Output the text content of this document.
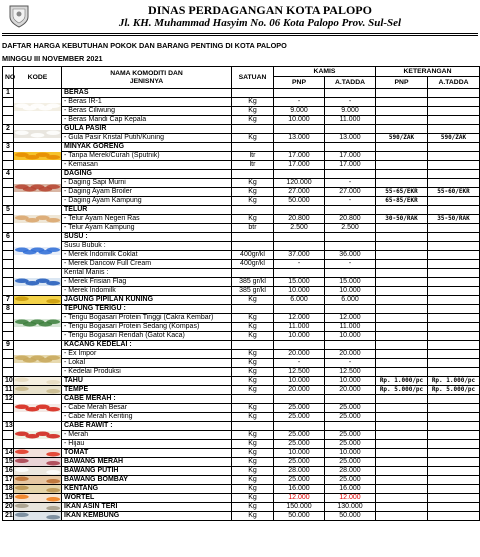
DINAS PERDAGANGAN KOTA PALOPO
Jl. KH. Muhammad Hasyim No. 06 Kota Palopo Prov. Sul-Sel
DAFTAR HARGA KEBUTUHAN POKOK DAN BARANG PENTING DI KOTA PALOPO
MINGGU III NOVEMBER 2021
NO	KODE	NAMA KOMODITI DAN
JENISNYA	SATUAN	KAMIS		KETERANGAN	
				PNP	A.TADDA	PNP	A.TADDA
1		BERAS					
		- Beras IR-1	Kg	-	-		
		- Beras Ciliwung	Kg	9.000	9.000		
		- Beras Mandi Cap Kepala	Kg	10.000	11.000		
2		GULA PASIR					
		- Gula Pasir Kristal Putih/Kuning	Kg	13.000	13.000	590/ZAK	590/ZAK
3		MINYAK GORENG					
		- Tanpa Merek/Curah (Sputnik)	ltr	17.000	17.000		
		- Kemasan	ltr	17.000	17.000		
4		DAGING					
		- Daging Sapi Murni	Kg	120.000	-		
		- Daging Ayam Broiler	Kg	27.000	27.000	55-65/EKR	55-60/EKR
		- Daging Ayam Kampung	Kg	50.000	-	65-85/EKR	
5		TELUR					
		- Telur Ayam Negeri Ras	Kg	20.800	20.800	30-50/RAK	35-50/RAK
		- Telur Ayam Kampung	btr	2.500	2.500		
6		SUSU :					
		Susu Bubuk :					
		- Merek Indomilk Coklat	400gr/kl	37.000	36.000		
		- Merek Dancow Full Cream	400gr/kl	-	-		

	Kental Manis :					
		- Merek Frisian Flag	385 gr/kl	15.000	15.000		
		- Merek Indomilk	385 gr/kl	10.000	10.000		
7		JAGUNG PIPILAN KUNING	Kg	6.000	6.000		
8		TEPUNG TERIGU :					
		- Terigu Bogasari Protein Tinggi (Cakra Kembar)	Kg	12.000	12.000		
		- Terigu Bogasari Protein Sedang (Kompas)	Kg	11.000	11.000		
		- Terigu Bogasari Rendah (Gatot Kaca)	Kg	10.000	10.000		
9		KACANG KEDELAI :					
		- Ex Impor	Kg	20.000	20.000		
		- Lokal	Kg	-	-		
		- Kedelai Produksi	Kg	12.500	12.500		
10		TAHU	Kg	10.000	10.000	Rp. 1.000/pc	Rp. 1.000/pc
11		TEMPE	Kg	20.000	20.000	Rp. 5.000/pc	Rp. 5.000/pc
12		CABE MERAH :					
		- Cabe Merah Besar	Kg	25.000	25.000		
		- Cabe Merah Keriting	Kg	25.000	25.000		
13		CABE RAWIT :					
		- Merah	Kg	25.000	25.000		
		- Hijau	Kg	25.000	25.000		
14		TOMAT	Kg	10.000	10.000		
15		BAWANG MERAH	Kg	25.000	25.000		
16		BAWANG PUTIH	Kg	28.000	28.000		
17		BAWANG BOMBAY	Kg	25.000	25.000		
18		KENTANG	Kg	16.000	16.000		
19		WORTEL	Kg	12.000	12.000		
20		IKAN ASIN TERI	Kg	150.000	130.000		
21		IKAN KEMBUNG	Kg	50.000	50.000		
